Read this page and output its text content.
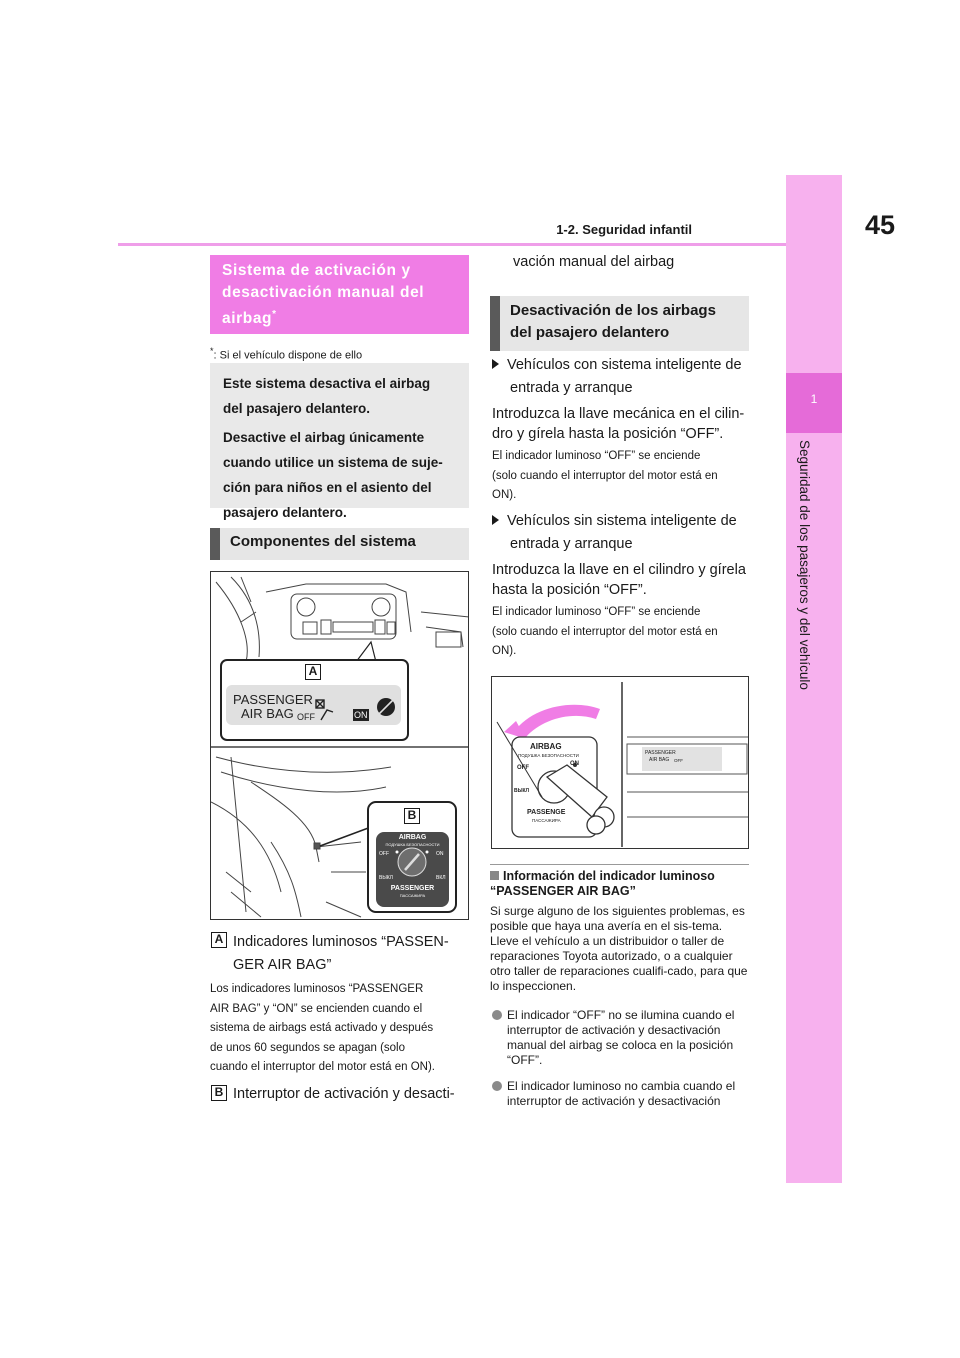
45
1-2. Seguridad infantil
1
Seguridad de los pasajeros y del vehículo
Sistema de activación y
desactivación manual del
airbag*
*: Si el vehículo dispone de ello

Este sistema desactiva el airbag
del pasajero delantero.

Desactive el airbag únicamente
cuando utilice un sistema de suje-
ción para niños en el asiento del
pasajero delantero.

Componentes del sistema
A
PASSENGER
AIR BAG OFF	ON
B
AIRBAG
ПОДУШКА БЕЗОПАСНОСТИ
OFF	ON
ВЫКЛ	ВКЛ
PASSENGER
ПАССАЖИРА
A Indicadores luminosos “PASSEN-
GER AIR BAG”
Los indicadores luminosos “PASSENGER
AIR BAG” y “ON” se encienden cuando el
sistema de airbags está activado y después
de unos 60 segundos se apagan (solo
cuando el interruptor del motor está en ON).
B Interruptor de activación y desacti-
vación manual del airbag
Desactivación de los airbags
del pasajero delantero
Vehículos con sistema inteligente de
entrada y arranque
Introduzca la llave mecánica en el cilin-
dro y gírela hasta la posición “OFF”.
El indicador luminoso “OFF” se enciende
(solo cuando el interruptor del motor está en
ON).
Vehículos sin sistema inteligente de
entrada y arranque
Introduzca la llave en el cilindro y gírela
hasta la posición “OFF”.
El indicador luminoso “OFF” se enciende
(solo cuando el interruptor del motor está en
ON).
AIRBAG
ПОДУШКА БЕЗОПАСНОСТИ
OFF
ON
ВЫКЛ
PASSENGE
ПАССАЖИРА
PASSENGER
AIR BAG OFF
Información del indicador luminoso
“PASSENGER AIR BAG”
Si surge alguno de los siguientes problemas, es posible que haya una avería en el sis-tema. Lleve el vehículo a un distribuidor o taller de reparaciones Toyota autorizado, o a cualquier otro taller de reparaciones cualifi-cado, para que lo inspeccionen.
El indicador “OFF” no se ilumina cuando el interruptor de activación y desactivación manual del airbag se coloca en la posición “OFF”.
El indicador luminoso no cambia cuando el interruptor de activación y desactivación
